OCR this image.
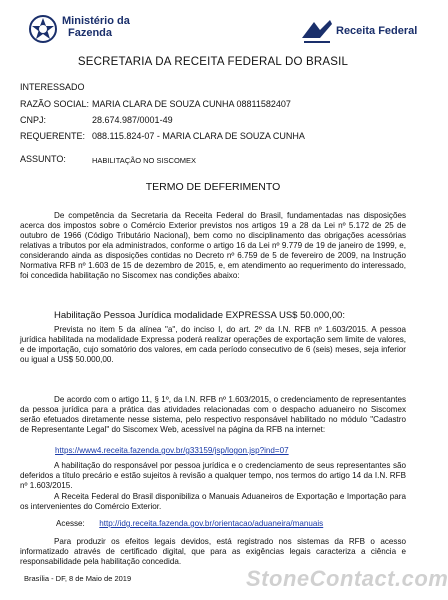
Ministério da
Fazenda	Receita Federal
SECRETARIA DA RECEITA FEDERAL DO BRASIL
INTERESSADO
RAZÃO SOCIAL: MARIA CLARA DE SOUZA CUNHA 08811582407
CNPJ:	28.674.987/0001-49
REQUERENTE: 088.115.824-07 - MARIA CLARA DE SOUZA CUNHA
ASSUNTO:	HABILITAÇÃO NO SISCOMEX
TERMO DE DEFERIMENTO

De competência da Secretaria da Receita Federal do Brasil, fundamentadas nas disposições acerca dos impostos sobre o Comércio Exterior previstos nos artigos 19 a 28 da Lei nº 5.172 de 25 de outubro de 1966 (Código Tributário Nacional), bem como no disciplinamento das obrigações acessórias relativas a tributos por ela administrados, conforme o artigo 16 da Lei nº 9.779 de 19 de janeiro de 1999, e, considerando ainda as disposições contidas no Decreto nº 6.759 de 5 de fevereiro de 2009, na Instrução Normativa RFB nº 1.603 de 15 de dezembro de 2015, e, em atendimento ao requerimento do interessado, foi concedida habilitação no Siscomex nas condições abaixo:

Habilitação Pessoa Jurídica modalidade EXPRESSA US$ 50.000,00:

Prevista no item 5 da alínea "a", do inciso I, do art. 2º da I.N. RFB nº 1.603/2015. A pessoa jurídica habilitada na modalidade Expressa poderá realizar operações de exportação sem limite de valores, e de importação, cujo somatório dos valores, em cada período consecutivo de 6 (seis) meses, seja inferior ou igual a US$ 50.000,00.

De acordo com o artigo 11, § 1º, da I.N. RFB nº 1.603/2015, o credenciamento de representantes da pessoa jurídica para a prática das atividades relacionadas com o despacho aduaneiro no Siscomex serão efetuados diretamente nesse sistema, pelo respectivo responsável habilitado no módulo "Cadastro de Representante Legal" do Siscomex Web, acessível na página da RFB na internet:

https://www4.receita.fazenda.gov.br/g33159/jsp/logon.jsp?ind=07

A habilitação do responsável por pessoa jurídica e o credenciamento de seus representantes são deferidos a título precário e estão sujeitos à revisão a qualquer tempo, nos termos do artigo 14 da I.N. RFB nº 1.603/2015.

A Receita Federal do Brasil disponibiliza o Manuais Aduaneiros de Exportação e Importação para os intervenientes do Comércio Exterior.

Acesse: http://idg.receita.fazenda.gov.br/orientacao/aduaneira/manuais

Para produzir os efeitos legais devidos, está registrado nos sistemas da RFB o acesso informatizado através de certificado digital, que para as exigências legais caracteriza a ciência e responsabilidade pela habilitação concedida.

Brasília - DF, 8 de Maio de 2019	StoneContact.com
